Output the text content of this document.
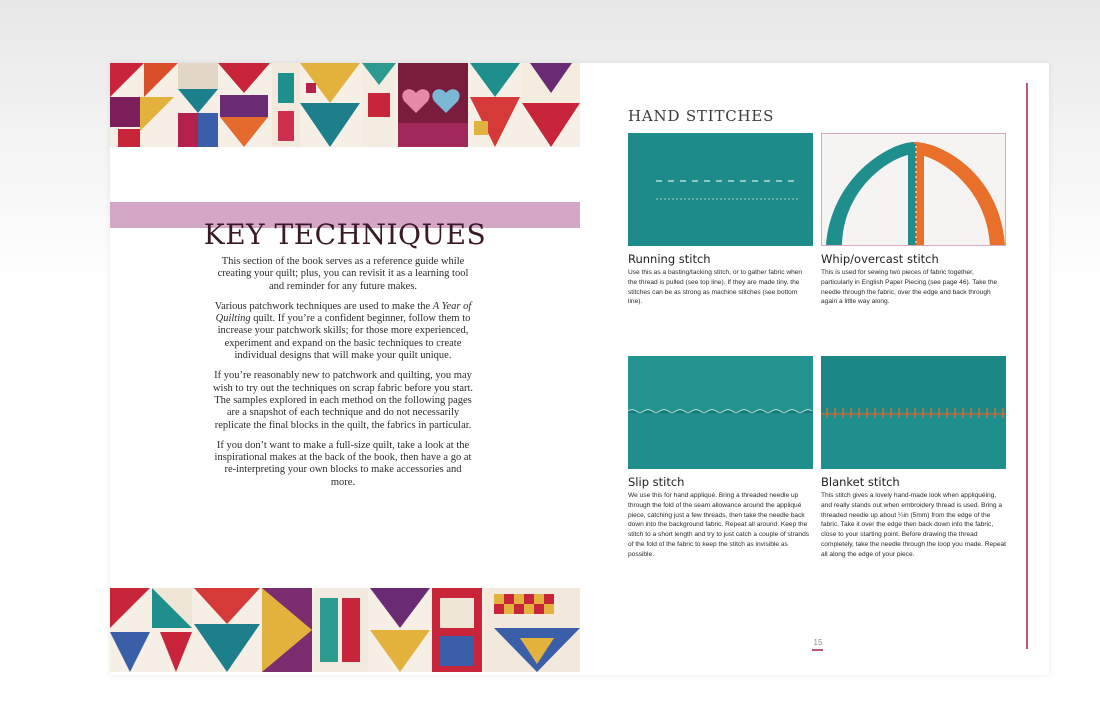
KEY TECHNIQUES

This section of the book serves as a reference guide while creating your quilt; plus, you can revisit it as a learning tool and reminder for any future makes.

Various patchwork techniques are used to make the A Year of Quilting quilt. If you’re a confident beginner, follow them to increase your patchwork skills; for those more experienced, experiment and expand on the basic techniques to create individual designs that will make your quilt unique.

If you’re reasonably new to patchwork and quilting, you may wish to try out the techniques on scrap fabric before you start. The samples explored in each method on the following pages are a snapshot of each technique and do not necessarily replicate the final blocks in the quilt, the fabrics in particular.

If you don’t want to make a full-size quilt, take a look at the inspirational makes at the back of the book, then have a go at re-interpreting your own blocks to make accessories and more.

HAND STITCHES
Running stitch
Use this as a basting/tacking stitch, or to gather fabric when the thread is pulled (see top line). If they are made tiny, the stitches can be as strong as machine stitches (see bottom line).
Whip/overcast stitch
This is used for sewing two pieces of fabric together, particularly in English Paper Piecing (see page 46). Take the needle through the fabric, over the edge and back through again a little way along.
Slip stitch
We use this for hand appliqué. Bring a threaded needle up through the fold of the seam allowance around the appliqué piece, catching just a few threads, then take the needle back down into the background fabric. Repeat all around. Keep the stitch to a short length and try to just catch a couple of strands of the fold of the fabric to keep the stitch as invisible as possible.
Blanket stitch
This stitch gives a lovely hand-made look when appliquéing, and really stands out when embroidery thread is used. Bring a threaded needle up about ¼in (5mm) from the edge of the fabric. Take it over the edge then back down into the fabric, close to your starting point. Before drawing the thread completely, take the needle through the loop you made. Repeat all along the edge of your piece.
15
